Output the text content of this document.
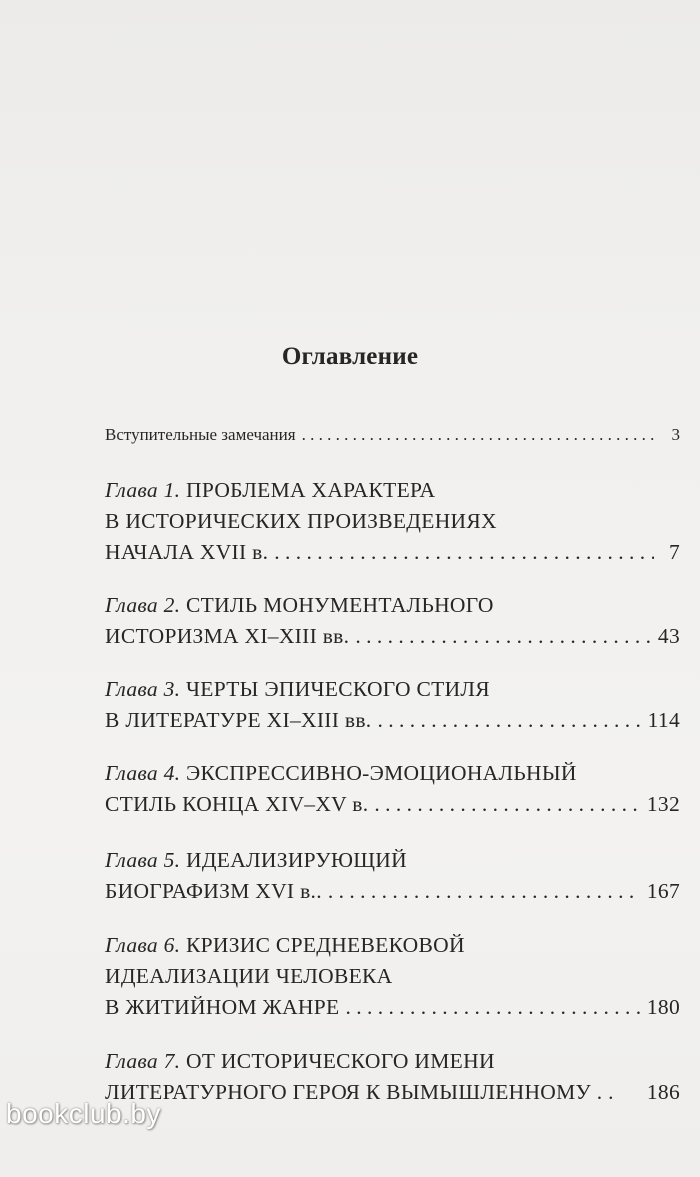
Оглавление
Вступительные замечания . . .	3
Глава 1.
ПРОБЛЕМА ХАРАКТЕРА
В ИСТОРИЧЕСКИХ ПРОИЗВЕДЕНИЯХ
НАЧАЛА XVII в. . . .	7
Глава 2.
СТИЛЬ МОНУМЕНТАЛЬНОГО
ИСТОРИЗМА XI–XIII вв. . . .	43
Глава 3.
ЧЕРТЫ ЭПИЧЕСКОГО СТИЛЯ
В ЛИТЕРАТУРЕ XI–XIII вв. . . .	114
Глава 4.
ЭКСПРЕССИВНО-ЭМОЦИОНАЛЬНЫЙ
СТИЛЬ КОНЦА XIV–XV в. . . .	132
Глава 5.
ИДЕАЛИЗИРУЮЩИЙ
БИОГРАФИЗМ XVI в.. . . .	167
Глава 6.
КРИЗИС СРЕДНЕВЕКОВОЙ
ИДЕАЛИЗАЦИИ ЧЕЛОВЕКА
В ЖИТИЙНОМ ЖАНРЕ . . .	180
Глава 7.
ОТ ИСТОРИЧЕСКОГО ИМЕНИ
ЛИТЕРАТУРНОГО ГЕРОЯ К ВЫМЫШЛЕННОМУ . .	186
bookclub.by
